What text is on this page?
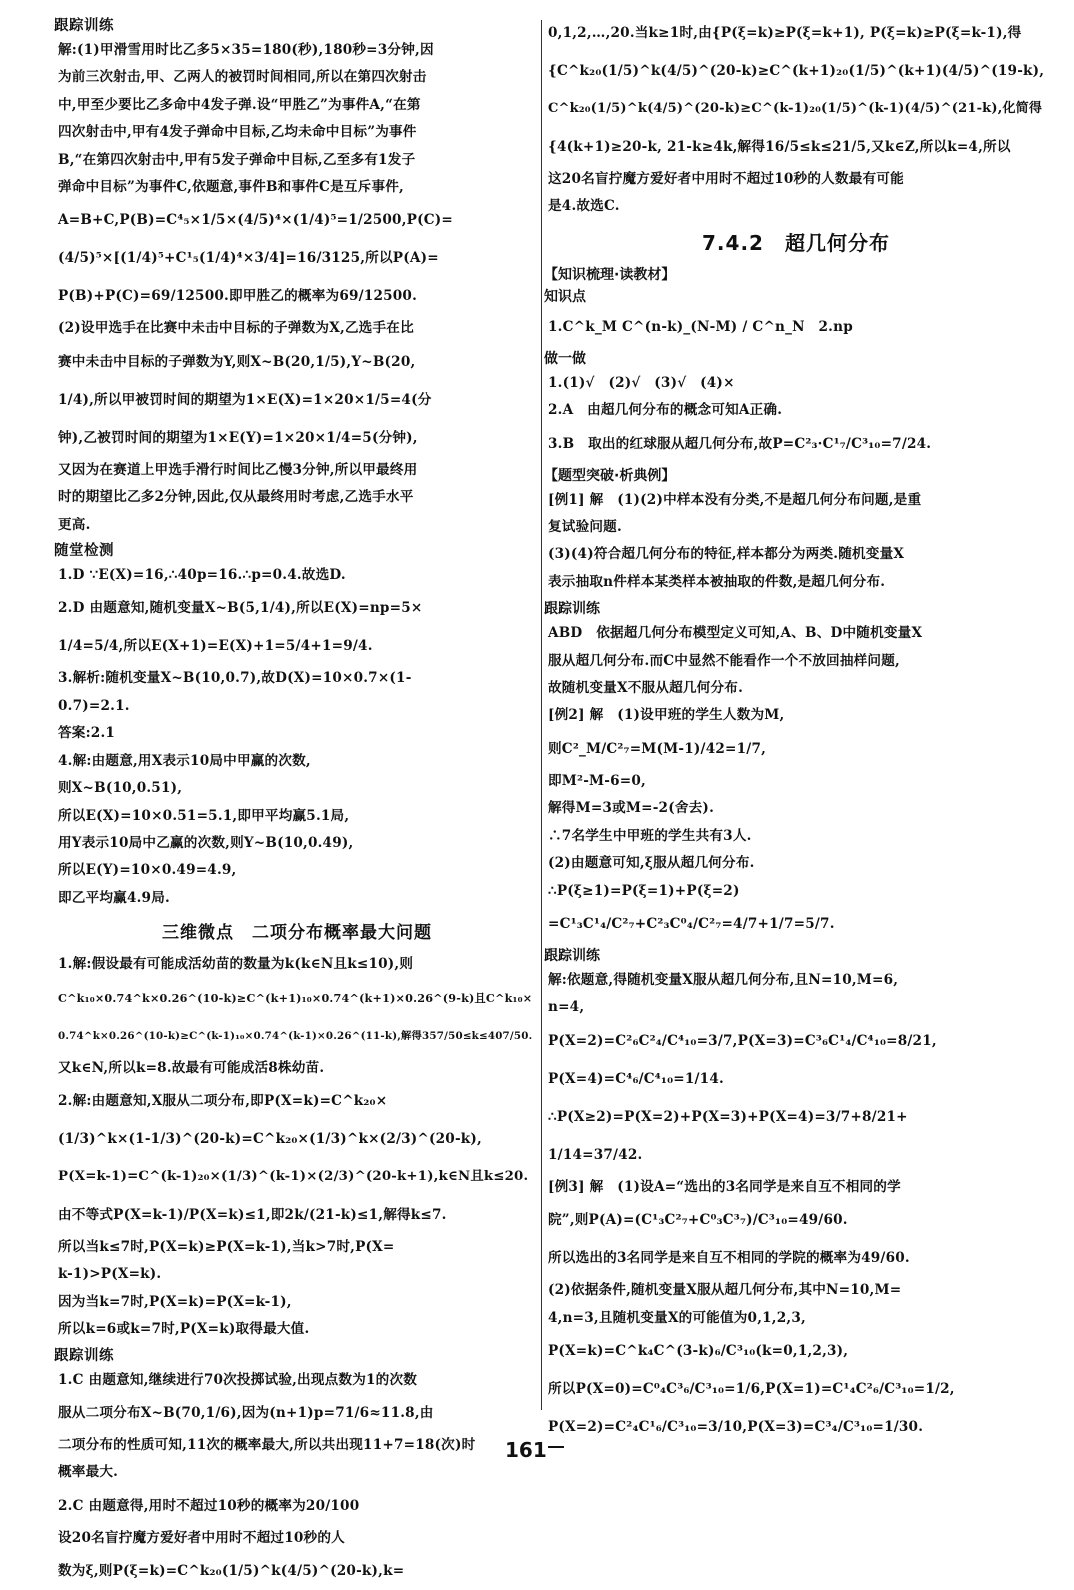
跟踪训练

解:(1)甲滑雪用时比乙多5×35=180(秒),180秒=3分钟,因

为前三次射击,甲、乙两人的被罚时间相同,所以在第四次射击

中,甲至少要比乙多命中4发子弹.设“甲胜乙”为事件A,“在第

四次射击中,甲有4发子弹命中目标,乙均未命中目标”为事件

B,“在第四次射击中,甲有5发子弹命中目标,乙至多有1发子

弹命中目标”为事件C,依题意,事件B和事件C是互斥事件,

A=B+C,P(B)=C⁴₅×1/5×(4/5)⁴×(1/4)⁵=1/2500,P(C)=

(4/5)⁵×[(1/4)⁵+C¹₅(1/4)⁴×3/4]=16/3125,所以P(A)=

P(B)+P(C)=69/12500.即甲胜乙的概率为69/12500.

(2)设甲选手在比赛中未击中目标的子弹数为X,乙选手在比

赛中未击中目标的子弹数为Y,则X~B(20,1/5),Y~B(20,

1/4),所以甲被罚时间的期望为1×E(X)=1×20×1/5=4(分

钟),乙被罚时间的期望为1×E(Y)=1×20×1/4=5(分钟),

又因为在赛道上甲选手滑行时间比乙慢3分钟,所以甲最终用

时的期望比乙多2分钟,因此,仅从最终用时考虑,乙选手水平

更高.

随堂检测

1.D ∵E(X)=16,∴40p=16.∴p=0.4.故选D.

2.D 由题意知,随机变量X~B(5,1/4),所以E(X)=np=5×

1/4=5/4,所以E(X+1)=E(X)+1=5/4+1=9/4.

3.解析:随机变量X~B(10,0.7),故D(X)=10×0.7×(1-

0.7)=2.1.

答案:2.1

4.解:由题意,用X表示10局中甲赢的次数,

则X~B(10,0.51),

所以E(X)=10×0.51=5.1,即甲平均赢5.1局,

用Y表示10局中乙赢的次数,则Y~B(10,0.49),

所以E(Y)=10×0.49=4.9,

即乙平均赢4.9局.

三维微点　二项分布概率最大问题

1.解:假设最有可能成活幼苗的数量为k(k∈N且k≤10),则

C^k₁₀×0.74^k×0.26^(10-k)≥C^(k+1)₁₀×0.74^(k+1)×0.26^(9-k)且C^k₁₀×

0.74^k×0.26^(10-k)≥C^(k-1)₁₀×0.74^(k-1)×0.26^(11-k),解得357/50≤k≤407/50.

又k∈N,所以k=8.故最有可能成活8株幼苗.

2.解:由题意知,X服从二项分布,即P(X=k)=C^k₂₀×

(1/3)^k×(1-1/3)^(20-k)=C^k₂₀×(1/3)^k×(2/3)^(20-k),

P(X=k-1)=C^(k-1)₂₀×(1/3)^(k-1)×(2/3)^(20-k+1),k∈N且k≤20.

由不等式P(X=k-1)/P(X=k)≤1,即2k/(21-k)≤1,解得k≤7.

所以当k≤7时,P(X=k)≥P(X=k-1),当k>7时,P(X=

k-1)>P(X=k).

因为当k=7时,P(X=k)=P(X=k-1),

所以k=6或k=7时,P(X=k)取得最大值.

跟踪训练

1.C 由题意知,继续进行70次投掷试验,出现点数为1的次数

服从二项分布X~B(70,1/6),因为(n+1)p=71/6≈11.8,由

二项分布的性质可知,11次的概率最大,所以共出现11+7=18(次)时

概率最大.

2.C 由题意得,用时不超过10秒的概率为20/100

设20名盲拧魔方爱好者中用时不超过10秒的人

数为ξ,则P(ξ=k)=C^k₂₀(1/5)^k(4/5)^(20-k),k=

0,1,2,…,20.当k≥1时,由{P(ξ=k)≥P(ξ=k+1), P(ξ=k)≥P(ξ=k-1),得

{C^k₂₀(1/5)^k(4/5)^(20-k)≥C^(k+1)₂₀(1/5)^(k+1)(4/5)^(19-k),

C^k₂₀(1/5)^k(4/5)^(20-k)≥C^(k-1)₂₀(1/5)^(k-1)(4/5)^(21-k),化简得

{4(k+1)≥20-k, 21-k≥4k,解得16/5≤k≤21/5,又k∈Z,所以k=4,所以

这20名盲拧魔方爱好者中用时不超过10秒的人数最有可能

是4.故选C.

7.4.2　超几何分布
【知识梳理·读教材】
知识点

1.C^k_M C^(n-k)_(N-M) / C^n_N　2.np

做一做

1.(1)√　(2)√　(3)√　(4)×

2.A　由超几何分布的概念可知A正确.

3.B　取出的红球服从超几何分布,故P=C²₃·C¹₇/C³₁₀=7/24.

【题型突破·析典例】

[例1] 解　(1)(2)中样本没有分类,不是超几何分布问题,是重

复试验问题.

(3)(4)符合超几何分布的特征,样本都分为两类.随机变量X

表示抽取n件样本某类样本被抽取的件数,是超几何分布.

跟踪训练

ABD　依据超几何分布模型定义可知,A、B、D中随机变量X

服从超几何分布.而C中显然不能看作一个不放回抽样问题,

故随机变量X不服从超几何分布.

[例2] 解　(1)设甲班的学生人数为M,

则C²_M/C²₇=M(M-1)/42=1/7,

即M²-M-6=0,

解得M=3或M=-2(舍去).

∴7名学生中甲班的学生共有3人.

(2)由题意可知,ξ服从超几何分布.

∴P(ξ≥1)=P(ξ=1)+P(ξ=2)

=C¹₃C¹₄/C²₇+C²₃C⁰₄/C²₇=4/7+1/7=5/7.

跟踪训练

解:依题意,得随机变量X服从超几何分布,且N=10,M=6,

n=4,

P(X=2)=C²₆C²₄/C⁴₁₀=3/7,P(X=3)=C³₆C¹₄/C⁴₁₀=8/21,

P(X=4)=C⁴₆/C⁴₁₀=1/14.

∴P(X≥2)=P(X=2)+P(X=3)+P(X=4)=3/7+8/21+

1/14=37/42.

[例3] 解　(1)设A=“选出的3名同学是来自互不相同的学

院”,则P(A)=(C¹₃C²₇+C⁰₃C³₇)/C³₁₀=49/60.

所以选出的3名同学是来自互不相同的学院的概率为49/60.

(2)依据条件,随机变量X服从超几何分布,其中N=10,M=

4,n=3,且随机变量X的可能值为0,1,2,3,

P(X=k)=C^k₄C^(3-k)₆/C³₁₀(k=0,1,2,3),

所以P(X=0)=C⁰₄C³₆/C³₁₀=1/6,P(X=1)=C¹₄C²₆/C³₁₀=1/2,

P(X=2)=C²₄C¹₆/C³₁₀=3/10,P(X=3)=C³₄/C³₁₀=1/30.

161
